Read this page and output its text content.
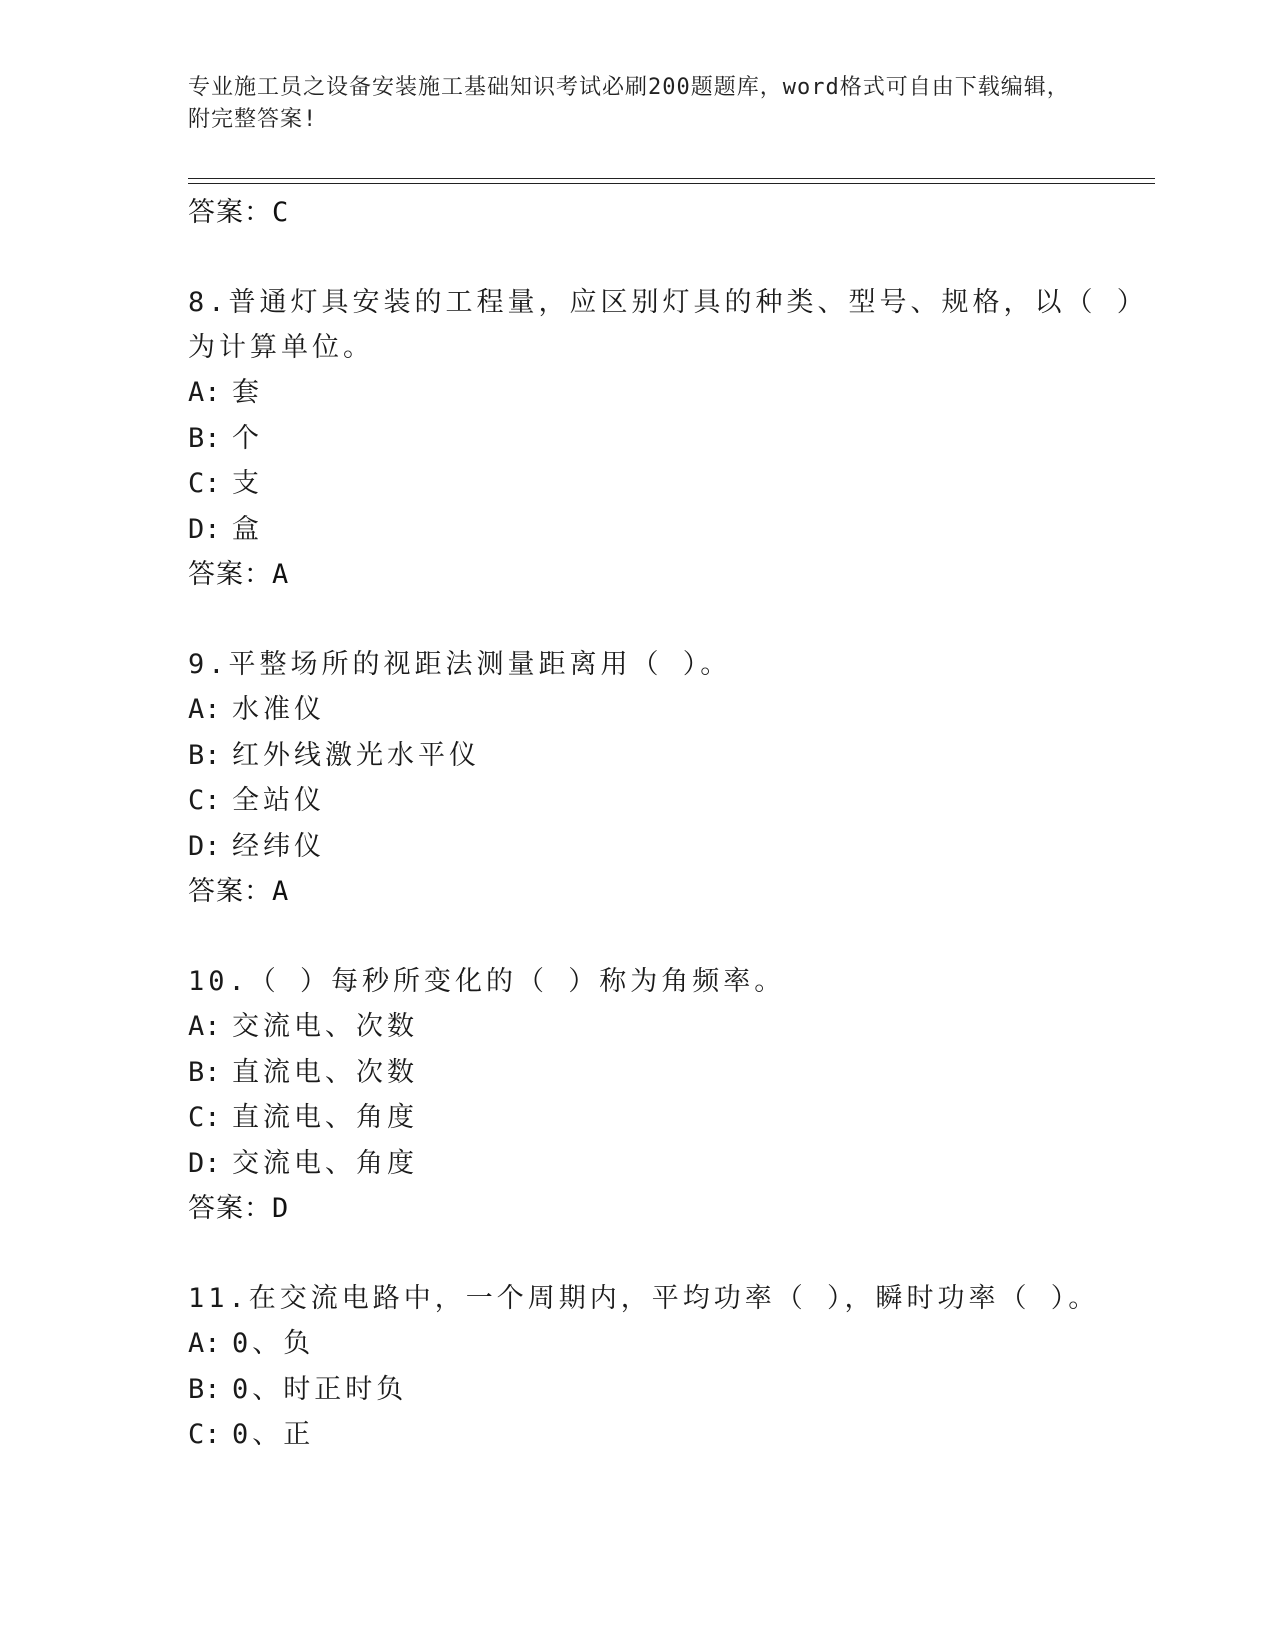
专业施工员之设备安装施工基础知识考试必刷200题题库，word格式可自由下载编辑，附完整答案!
答案：C
8.普通灯具安装的工程量，应区别灯具的种类、型号、规格，以（ ）为计算单位。
A: 套
B: 个
C: 支
D: 盒
答案：A
9.平整场所的视距法测量距离用（ ）。
A: 水准仪
B: 红外线激光水平仪
C: 全站仪
D: 经纬仪
答案：A
10.（ ）每秒所变化的（ ）称为角频率。
A: 交流电、次数
B: 直流电、次数
C: 直流电、角度
D: 交流电、角度
答案：D
11.在交流电路中，一个周期内，平均功率（ ），瞬时功率（ ）。
A: 0、负
B: 0、时正时负
C: 0、正
